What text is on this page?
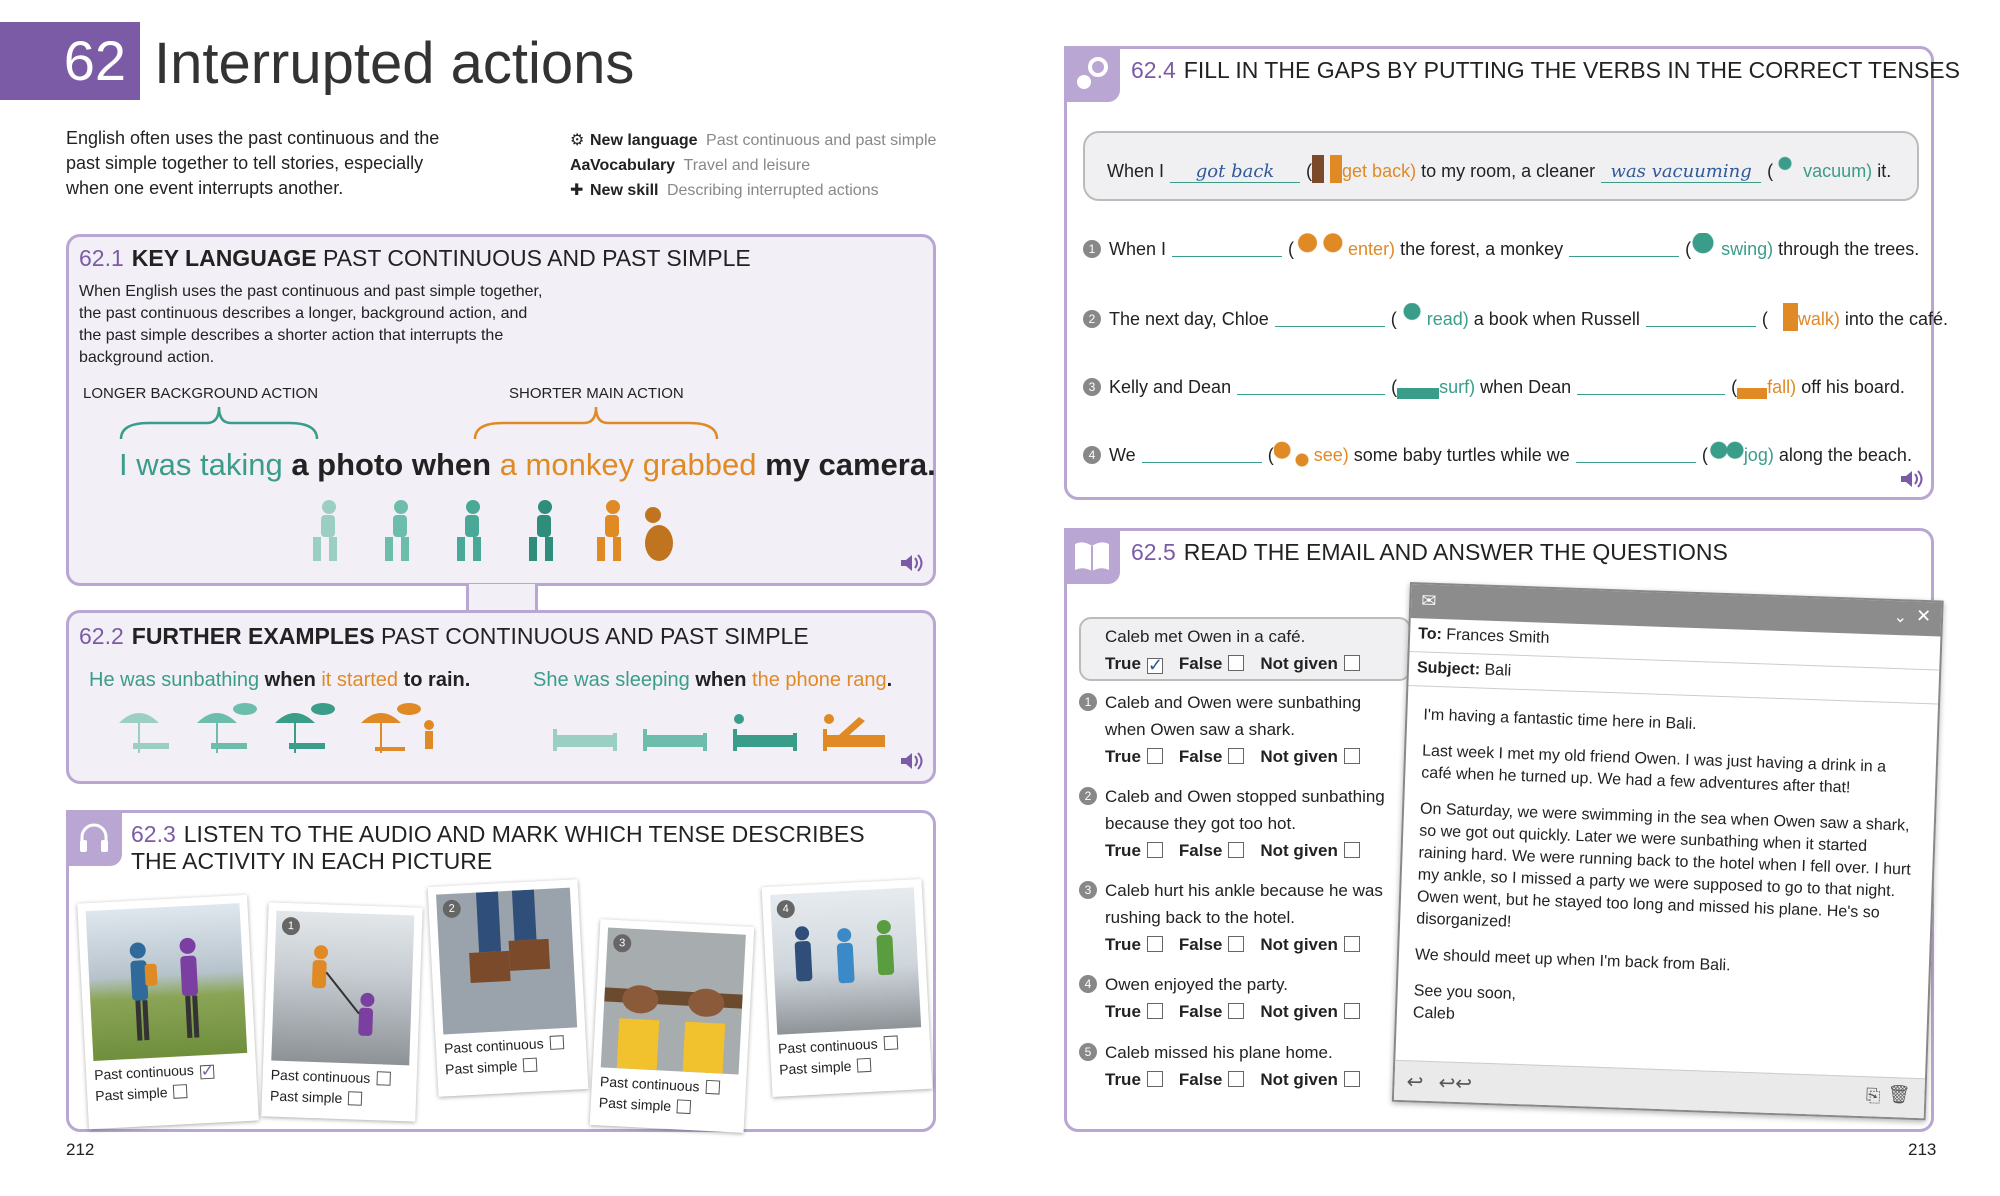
62 Interrupted actions
English often uses the past continuous and the past simple together to tell stories, especially when one event interrupts another.
⚙ New language Past continuous and past simple
AaVocabulary Travel and leisure
✚ New skill Describing interrupted actions
62.1 KEY LANGUAGE PAST CONTINUOUS AND PAST SIMPLE
When English uses the past continuous and past simple together, the past continuous describes a longer, background action, and the past simple describes a shorter action that interrupts the background action.
LONGER BACKGROUND ACTION	SHORTER MAIN ACTION
I was taking a photo when a monkey grabbed my camera.
62.2 FURTHER EXAMPLES PAST CONTINUOUS AND PAST SIMPLE
He was sunbathing when it started to rain.	She was sleeping when the phone rang.
62.3 LISTEN TO THE AUDIO AND MARK WHICH TENSE DESCRIBES
THE ACTIVITY IN EACH PICTURE
Past continuous ✓
Past simple
1
Past continuous
Past simple
2
Past continuous
Past simple
3
Past continuous
Past simple
4
Past continuous
Past simple
212
62.4 FILL IN THE GAPS BY PUTTING THE VERBS IN THE CORRECT TENSES
When I got back ( get back) to my room, a cleaner was vacuuming ( vacuum) it.
1 When I	(	enter) the forest, a monkey	( swing) through the trees.
2 The next day, Chloe	( read) a book when Russell	( walk) into the café.
3 Kelly and Dean	( surf) when Dean	( fall) off his board.
4 We	( see) some baby turtles while we	( jog) along the beach.
62.5 READ THE EMAIL AND ANSWER THE QUESTIONS
Caleb met Owen in a café.
True ✓ False Not given
1 Caleb and Owen were sunbathing
when Owen saw a shark.
True False Not given
2 Caleb and Owen stopped sunbathing
because they got too hot.
True False Not given
3 Caleb hurt his ankle because he was
rushing back to the hotel.
True False Not given
4 Owen enjoyed the party.
True False Not given
5 Caleb missed his plane home.
True False Not given
✉
⌄ ✕
To: Frances Smith
Subject: Bali

I'm having a fantastic time here in Bali.

Last week I met my old friend Owen. I was just having a drink in a café when he turned up. We had a few adventures after that!

On Saturday, we were swimming in the sea when Owen saw a shark, so we got out quickly. Later we were sunbathing when it started raining hard. We were running back to the hotel when I fell over. I hurt my ankle, so I missed a party we were supposed to go to that night. Owen went, but he stayed too long and missed his plane. He's so disorganized!

We should meet up when I'm back from Bali.

See you soon,

Caleb

↩ ↩↩
⎘ 🗑
213
